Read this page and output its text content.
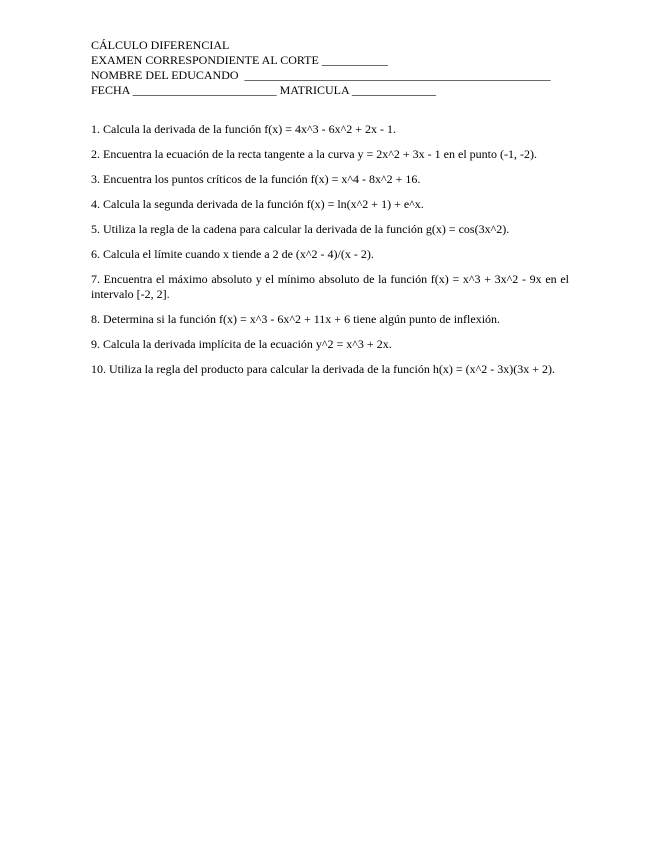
CÁLCULO DIFERENCIAL
EXAMEN CORRESPONDIENTE AL CORTE ___________
NOMBRE DEL EDUCANDO  ___________________________________________________
FECHA ________________________ MATRICULA ______________
1. Calcula la derivada de la función f(x) = 4x^3 - 6x^2 + 2x - 1.
2. Encuentra la ecuación de la recta tangente a la curva y = 2x^2 + 3x - 1 en el punto (-1, -2).
3. Encuentra los puntos críticos de la función f(x) = x^4 - 8x^2 + 16.
4. Calcula la segunda derivada de la función f(x) = ln(x^2 + 1) + e^x.
5. Utiliza la regla de la cadena para calcular la derivada de la función g(x) = cos(3x^2).
6. Calcula el límite cuando x tiende a 2 de (x^2 - 4)/(x - 2).
7. Encuentra el máximo absoluto y el mínimo absoluto de la función f(x) = x^3 + 3x^2 - 9x en el intervalo [-2, 2].
8. Determina si la función f(x) = x^3 - 6x^2 + 11x + 6 tiene algún punto de inflexión.
9. Calcula la derivada implícita de la ecuación y^2 = x^3 + 2x.
10. Utiliza la regla del producto para calcular la derivada de la función h(x) = (x^2 - 3x)(3x + 2).
